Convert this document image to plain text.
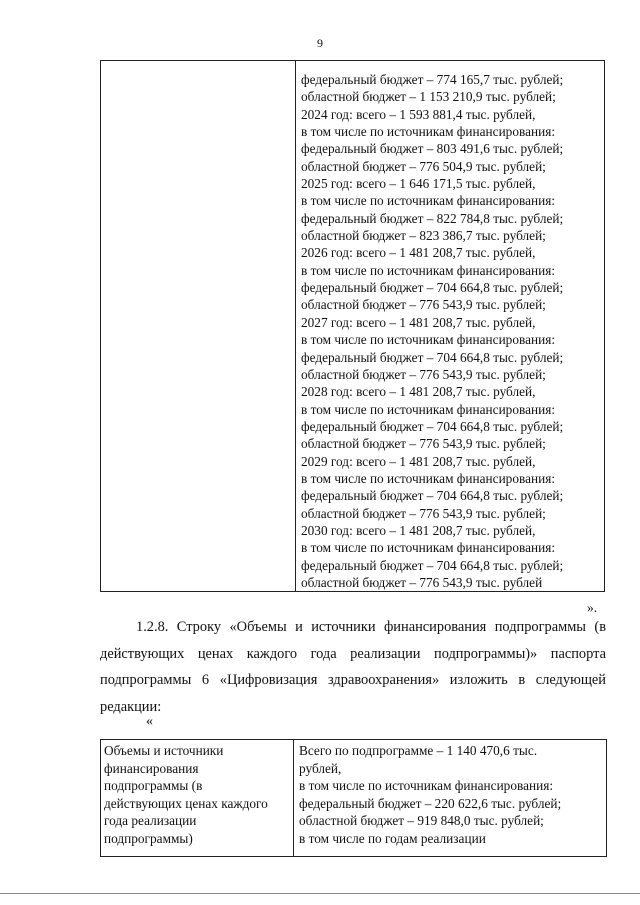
9
федеральный бюджет – 774 165,7 тыс. рублей;
областной бюджет – 1 153 210,9 тыс. рублей;
2024 год: всего – 1 593 881,4 тыс. рублей,
в том числе по источникам финансирования:
федеральный бюджет – 803 491,6 тыс. рублей;
областной бюджет – 776 504,9 тыс. рублей;
2025 год: всего – 1 646 171,5 тыс. рублей,
в том числе по источникам финансирования:
федеральный бюджет – 822 784,8 тыс. рублей;
областной бюджет – 823 386,7 тыс. рублей;
2026 год: всего – 1 481 208,7 тыс. рублей,
в том числе по источникам финансирования:
федеральный бюджет – 704 664,8 тыс. рублей;
областной бюджет – 776 543,9 тыс. рублей;
2027 год: всего – 1 481 208,7 тыс. рублей,
в том числе по источникам финансирования:
федеральный бюджет – 704 664,8 тыс. рублей;
областной бюджет – 776 543,9 тыс. рублей;
2028 год: всего – 1 481 208,7 тыс. рублей,
в том числе по источникам финансирования:
федеральный бюджет – 704 664,8 тыс. рублей;
областной бюджет – 776 543,9 тыс. рублей;
2029 год: всего – 1 481 208,7 тыс. рублей,
в том числе по источникам финансирования:
федеральный бюджет – 704 664,8 тыс. рублей;
областной бюджет – 776 543,9 тыс. рублей;
2030 год: всего – 1 481 208,7 тыс. рублей,
в том числе по источникам финансирования:
федеральный бюджет – 704 664,8 тыс. рублей;
областной бюджет – 776 543,9 тыс. рублей
».
1.2.8. Строку «Объемы и источники финансирования подпрограммы (в
действующих ценах каждого года реализации подпрограммы)» паспорта
подпрограммы 6 «Цифровизация здравоохранения» изложить в следующей
редакции:
«
Объемы и источники
финансирования
подпрограммы (в
действующих ценах каждого
года реализации
подпрограммы)
Всего по подпрограмме – 1 140 470,6 тыс.
рублей,
в том числе по источникам финансирования:
федеральный бюджет – 220 622,6 тыс. рублей;
областной бюджет – 919 848,0 тыс. рублей;
в том числе по годам реализации
